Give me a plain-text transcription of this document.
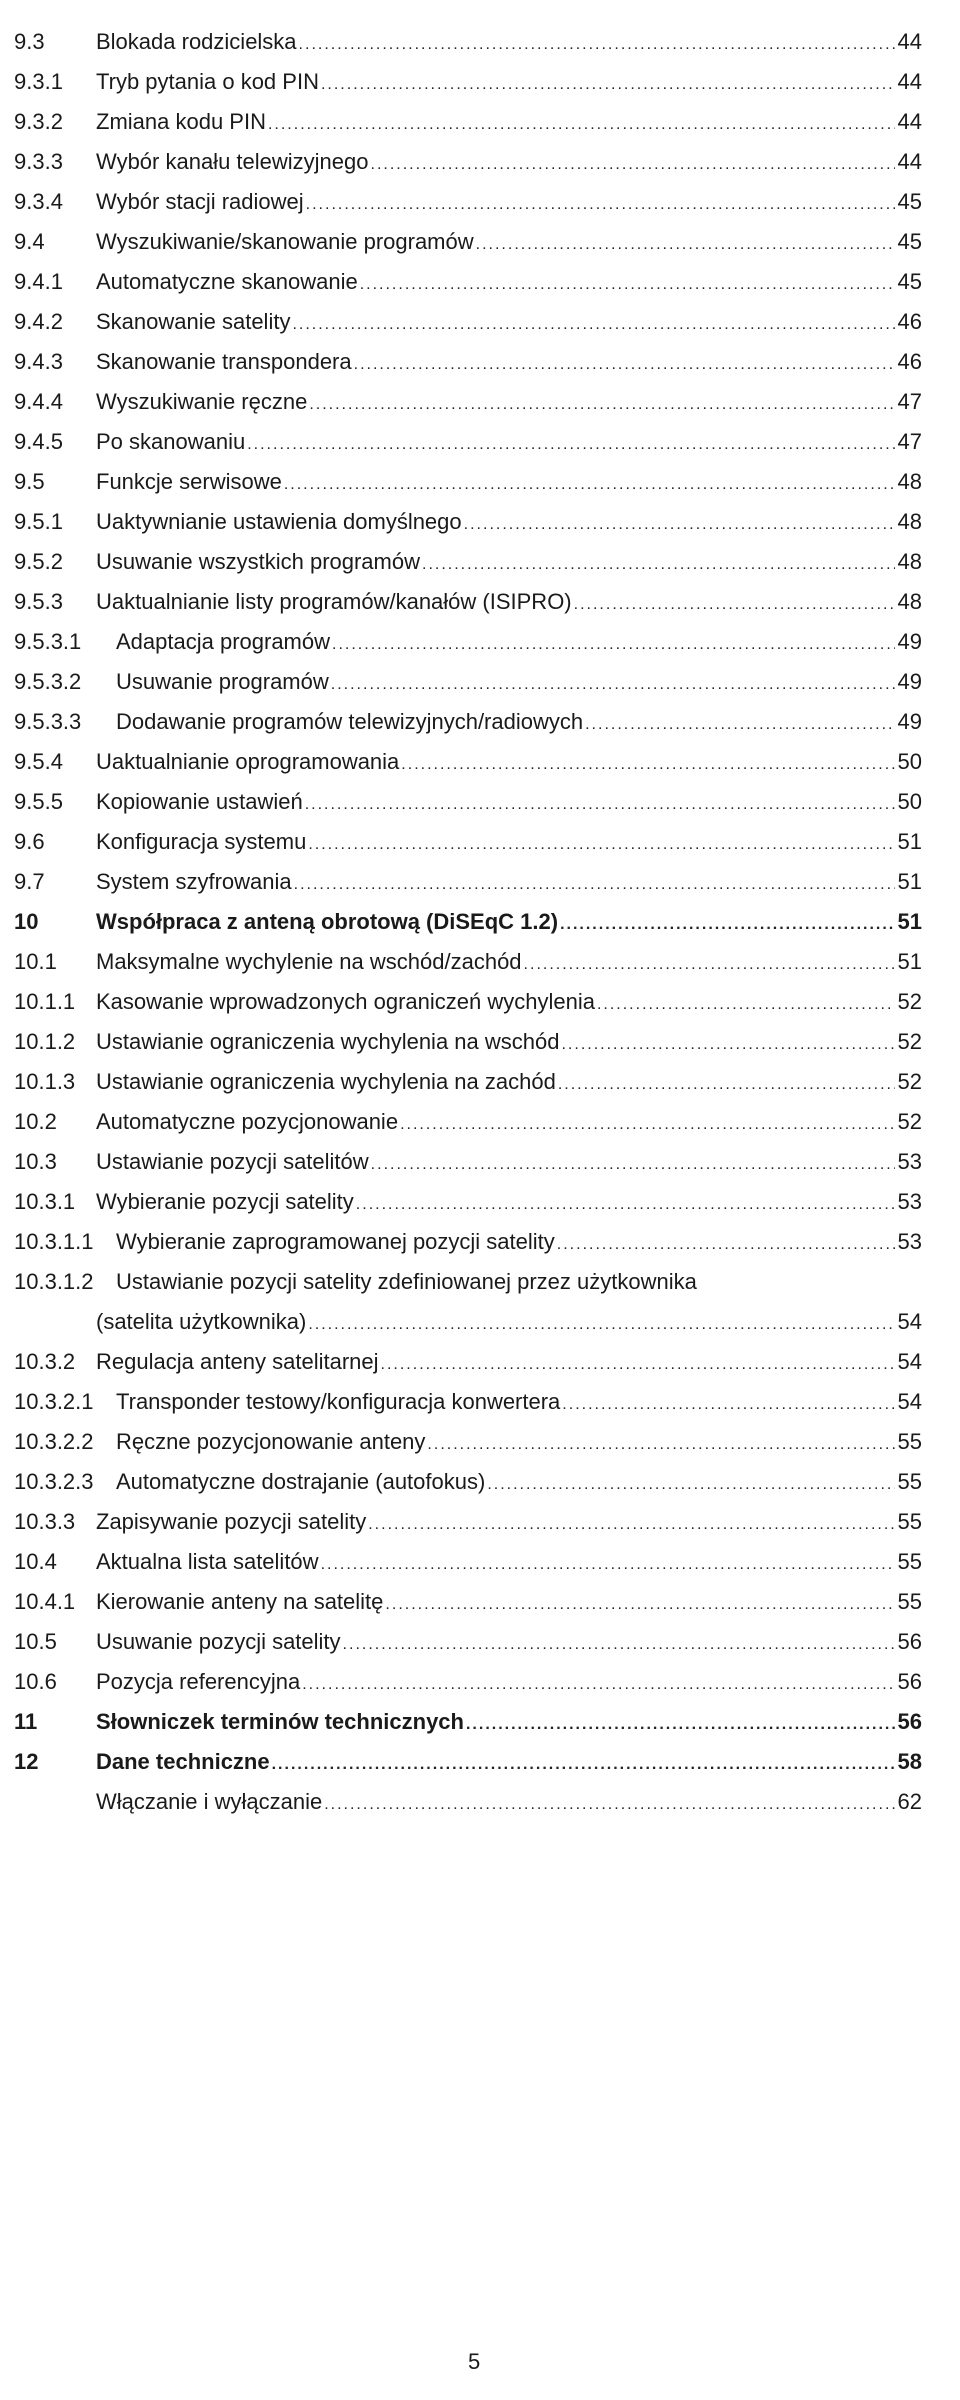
9.3 Blokada rodzicielska .....	44
9.3.1 Tryb pytania o kod PIN .....	44
9.3.2 Zmiana kodu PIN .....	44
9.3.3 Wybór kanału telewizyjnego .....	44
9.3.4 Wybór stacji radiowej .....	45
9.4 Wyszukiwanie/skanowanie programów .....	45
9.4.1 Automatyczne skanowanie .....	45
9.4.2 Skanowanie satelity .....	46
9.4.3 Skanowanie transpondera .....	46
9.4.4 Wyszukiwanie ręczne .....	47
9.4.5 Po skanowaniu .....	47
9.5 Funkcje serwisowe .....	48
9.5.1 Uaktywnianie ustawienia domyślnego .....	48
9.5.2 Usuwanie wszystkich programów .....	48
9.5.3 Uaktualnianie listy programów/kanałów (ISIPRO) .....	48
9.5.3.1 Adaptacja programów .....	49
9.5.3.2 Usuwanie programów .....	49
9.5.3.3 Dodawanie programów telewizyjnych/radiowych .....	49
9.5.4 Uaktualnianie oprogramowania .....	50
9.5.5 Kopiowanie ustawień .....	50
9.6 Konfiguracja systemu .....	51
9.7 System szyfrowania .....	51
10	Współpraca z anteną obrotową (DiSEqC 1.2) .....	51
10.1 Maksymalne wychylenie na wschód/zachód .....	51
10.1.1 Kasowanie wprowadzonych ograniczeń wychylenia .....	52
10.1.2 Ustawianie ograniczenia wychylenia na wschód .....	52
10.1.3 Ustawianie ograniczenia wychylenia na zachód .....	52
10.2 Automatyczne pozycjonowanie .....	52
10.3 Ustawianie pozycji satelitów .....	53
10.3.1 Wybieranie pozycji satelity .....	53
10.3.1.1 Wybieranie zaprogramowanej pozycji satelity .....	53
10.3.1.2	Ustawianie pozycji satelity zdefiniowanej przez użytkownika
(satelita użytkownika) .....	54
10.3.2 Regulacja anteny satelitarnej .....	54
10.3.2.1 Transponder testowy/konfiguracja konwertera .....	54
10.3.2.2 Ręczne pozycjonowanie anteny .....	55
10.3.2.3 Automatyczne dostrajanie (autofokus) .....	55
10.3.3 Zapisywanie pozycji satelity .....	55
10.4 Aktualna lista satelitów .....	55
10.4.1 Kierowanie anteny na satelitę .....	55
10.5 Usuwanie pozycji satelity .....	56
10.6 Pozycja referencyjna .....	56
11	Słowniczek terminów technicznych .....	56
12	Dane techniczne .....	58
Włączanie i wyłączanie .....	62
5
